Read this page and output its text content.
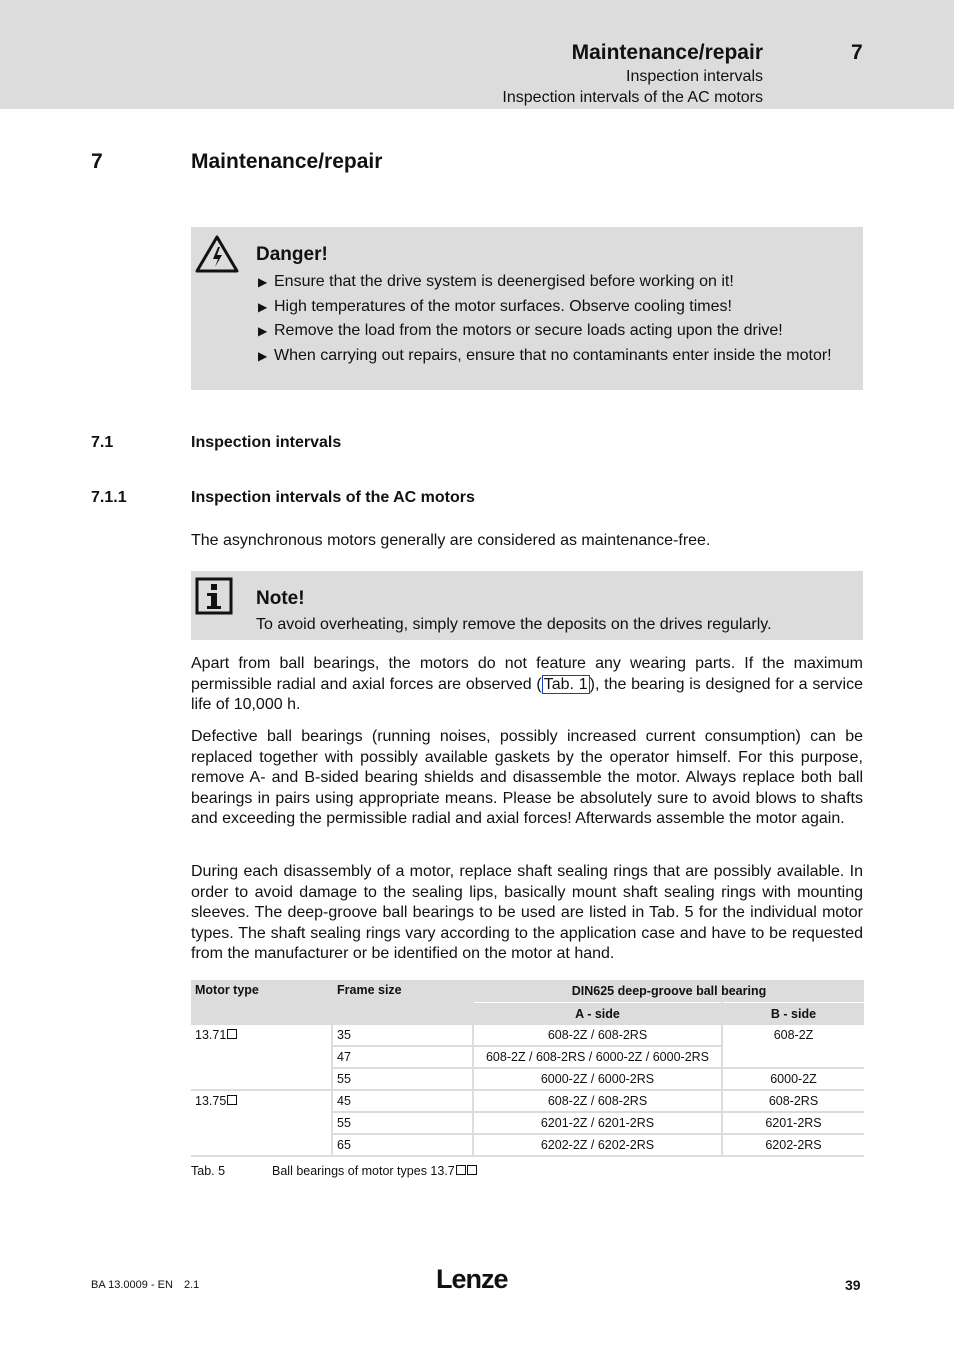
Maintenance/repair	7
Inspection intervals
Inspection intervals of the AC motors
7	Maintenance/repair
Danger!
▶ Ensure that the drive system is deenergised before working on it!
▶ High temperatures of the motor surfaces. Observe cooling times!
▶ Remove the load from the motors or secure loads acting upon the drive!
▶ When carrying out repairs, ensure that no contaminants enter inside the motor!
7.1	Inspection intervals
7.1.1	Inspection intervals of the AC motors

The asynchronous motors generally are considered as maintenance-free.

Note!
To avoid overheating, simply remove the deposits on the drives regularly.

Apart from ball bearings, the motors do not feature any wearing parts. If the maximum permissible radial and axial forces are observed ( Tab. 1 ), the bearing is designed for a service life of 10,000 h.

Defective ball bearings (running noises, possibly increased current consumption) can be replaced together with possibly available gaskets by the operator himself. For this purpose, remove A- and B-sided bearing shields and disassemble the motor. Always replace both ball bearings in pairs using appropriate means. Please be absolutely sure to avoid blows to shafts and exceeding the permissible radial and axial forces! Afterwards assemble the motor again.

During each disassembly of a motor, replace shaft sealing rings that are possibly available. In order to avoid damage to the sealing lips, basically mount shaft sealing rings with mounting sleeves. The deep-groove ball bearings to be used are listed in Tab. 5 for the individual motor types. The shaft sealing rings vary according to the application case and have to be requested from the manufacturer or be identified on the motor at hand.

Motor type	Frame size	DIN625 deep-groove ball bearing	
		A - side	B - side
13.71	35	608-2Z / 608-2RS	608-2Z
	47	608-2Z / 608-2RS / 6000-2Z / 6000-2RS	
	55	6000-2Z / 6000-2RS	6000-2Z
13.75	45	608-2Z / 608-2RS	608-2RS
	55	6201-2Z / 6201-2RS	6201-2RS
	65	6202-2Z / 6202-2RS	6202-2RS
Tab. 5	Ball bearings of motor types 13.7
BA 13.0009 - EN 2.1	Lenze	39
